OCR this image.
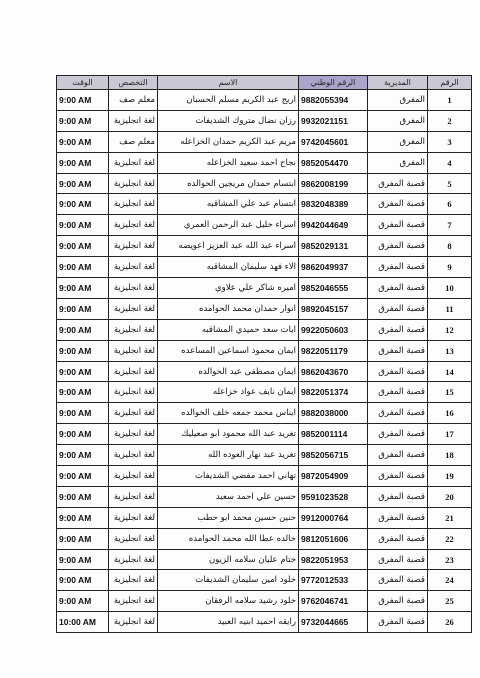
الوقت	التخصص	الاسم	الرقم الوطني	المديرية	الرقم
9:00 AM	معلم صف	اريج عبد الكريم مسلم الحسبان	9882055394	المفرق	1
9:00 AM	لغة انجليزية	رزان نضال متروك الشديفات	9932021151	المفرق	2
9:00 AM	معلم صف	مريم عبد الكريم حمدان الخزاعله	9742045601	المفرق	3
9:00 AM	لغة انجليزية	نجاح احمد سعيد الخزاعله	9852054470	المفرق	4
9:00 AM	لغة انجليزية	ابتسام حمدان مريجين الخوالده	9862008199	قصبة المفرق	5
9:00 AM	لغة انجليزية	ابتسام عبد علي المشاقبه	9832048389	قصبة المفرق	6
9:00 AM	لغة انجليزية	اسراء خليل عبد الرحمن العمري	9942044649	قصبة المفرق	7
9:00 AM	لغة انجليزية	اسراء عبد الله عبد العزيز اعويضه	9852029131	قصبة المفرق	8
9:00 AM	لغة انجليزية	الاء فهد سليمان المشاقبه	9862049937	قصبة المفرق	9
9:00 AM	لغة انجليزية	اميره شاكر علي علاوي	9852046555	قصبة المفرق	10
9:00 AM	لغة انجليزية	انوار حمدان محمد الحوامده	9892045157	قصبة المفرق	11
9:00 AM	لغة انجليزية	ايات سعد حميدي المشاقبه	9922050603	قصبة المفرق	12
9:00 AM	لغة انجليزية	ايمان محمود اسماعين المساعده	9822051179	قصبة المفرق	13
9:00 AM	لغة انجليزية	ايمان مصطفى عيد الخوالده	9862043670	قصبة المفرق	14
9:00 AM	لغة انجليزية	ايمان نايف عواد خزاعله	9822051374	قصبة المفرق	15
9:00 AM	لغة انجليزية	ايناس محمد جمعه خلف الخوالده	9882038000	قصبة المفرق	16
9:00 AM	لغة انجليزية	تغريد عبد الله محمود ابو صعيليك	9852001114	قصبة المفرق	17
9:00 AM	لغة انجليزية	تغريد عبد نهار العوده الله	9852056715	قصبة المفرق	18
9:00 AM	لغة انجليزية	تهاني احمد مفضي الشديفات	9872054909	قصبة المفرق	19
9:00 AM	لغة انجليزية	حسين علي احمد سعيد	9591023528	قصبة المفرق	20
9:00 AM	لغة انجليزية	حنين حسين محمد ابو حطب	9912000764	قصبة المفرق	21
9:00 AM	لغة انجليزية	خالده عطا الله محمد الحوامده	9812051606	قصبة المفرق	22
9:00 AM	لغة انجليزية	ختام عليان سلامه الزيون	9822051953	قصبة المفرق	23
9:00 AM	لغة انجليزية	خلود امين سليمان الشديفات	9772012533	قصبة المفرق	24
9:00 AM	لغة انجليزية	خلود رشيد سلامه الرفقان	9762046741	قصبة المفرق	25
10:00 AM	لغة انجليزية	رايقه احميد ابنيه العبيد	9732044665	قصبة المفرق	26
